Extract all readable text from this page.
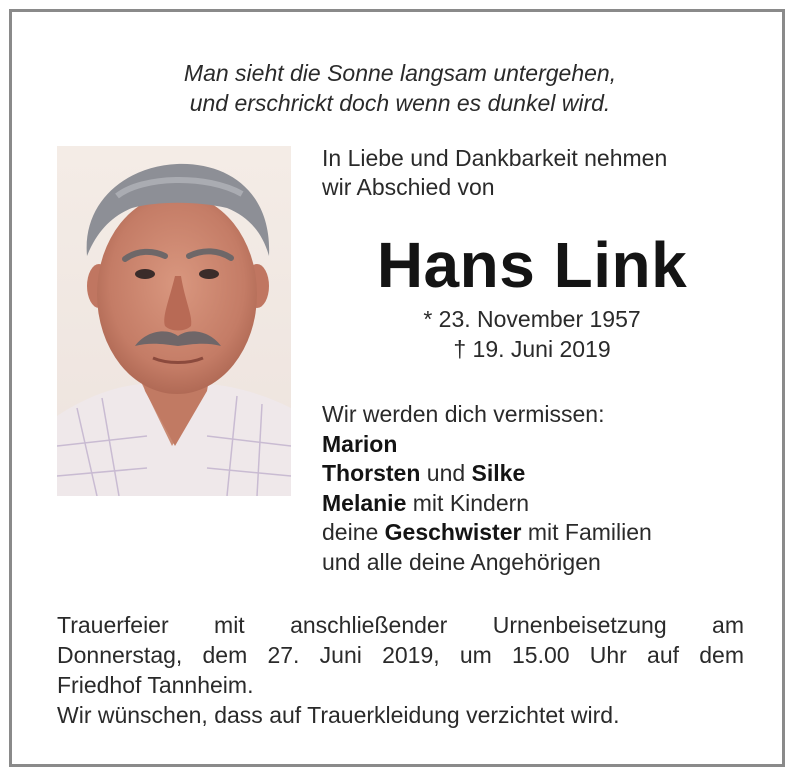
Man sieht die Sonne langsam untergehen,
und erschrickt doch wenn es dunkel wird.
In Liebe und Dankbarkeit nehmen
wir Abschied von
Hans Link
* 23. November 1957
† 19. Juni 2019
Wir werden dich vermissen:
Marion
Thorsten und Silke
Melanie mit Kindern
deine Geschwister mit Familien
und alle deine Angehörigen
Trauerfeier mit anschließender Urnenbeisetzung am
Donnerstag, dem 27. Juni 2019, um 15.00 Uhr auf dem
Friedhof Tannheim.
Wir wünschen, dass auf Trauerkleidung verzichtet wird.
